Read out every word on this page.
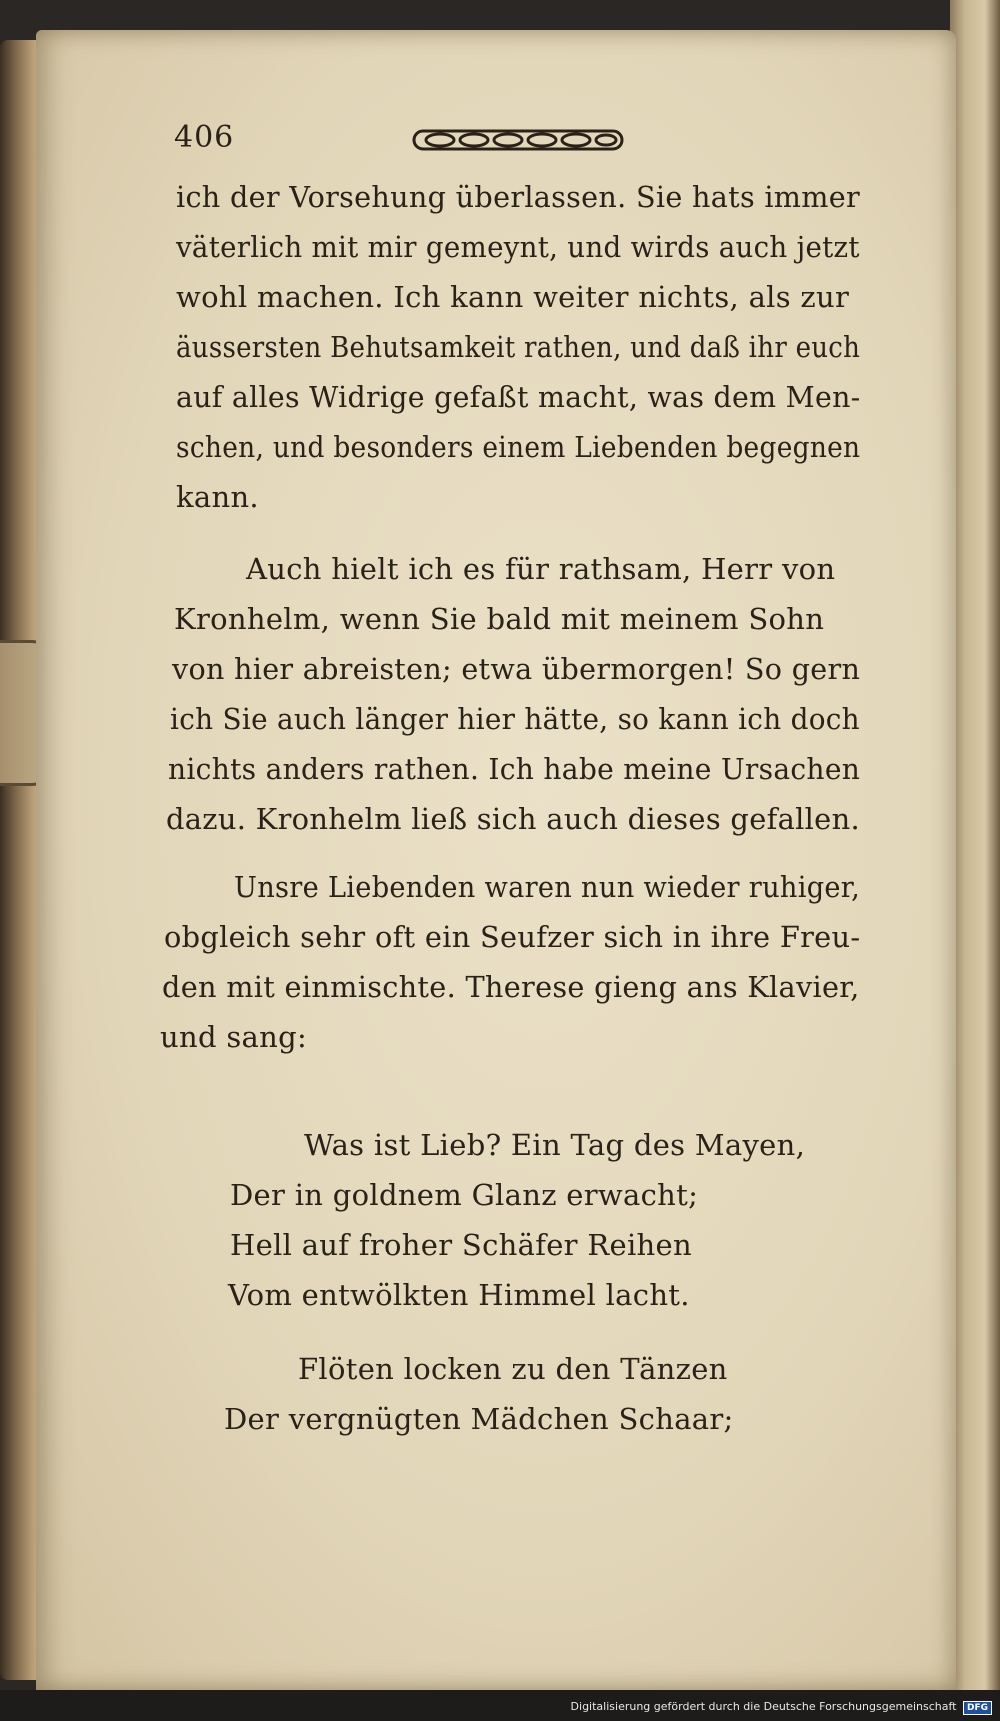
406
ich der Vorsehung überlassen. Sie hats immer
väterlich mit mir gemeynt, und wirds auch jetzt
wohl machen. Ich kann weiter nichts, als zur
äussersten Behutsamkeit rathen, und daß ihr euch
auf alles Widrige gefaßt macht, was dem Men-
schen, und besonders einem Liebenden begegnen
kann.
Auch hielt ich es für rathsam, Herr von
Kronhelm, wenn Sie bald mit meinem Sohn
von hier abreisten; etwa übermorgen! So gern
ich Sie auch länger hier hätte, so kann ich doch
nichts anders rathen. Ich habe meine Ursachen
dazu. Kronhelm ließ sich auch dieses gefallen.
Unsre Liebenden waren nun wieder ruhiger,
obgleich sehr oft ein Seufzer sich in ihre Freu-
den mit einmischte. Therese gieng ans Klavier,
und sang:
Was ist Lieb? Ein Tag des Mayen,
Der in goldnem Glanz erwacht;
Hell auf froher Schäfer Reihen
Vom entwölkten Himmel lacht.
Flöten locken zu den Tänzen
Der vergnügten Mädchen Schaar;
Digitalisierung gefördert durch die Deutsche Forschungsgemeinschaft DFG
